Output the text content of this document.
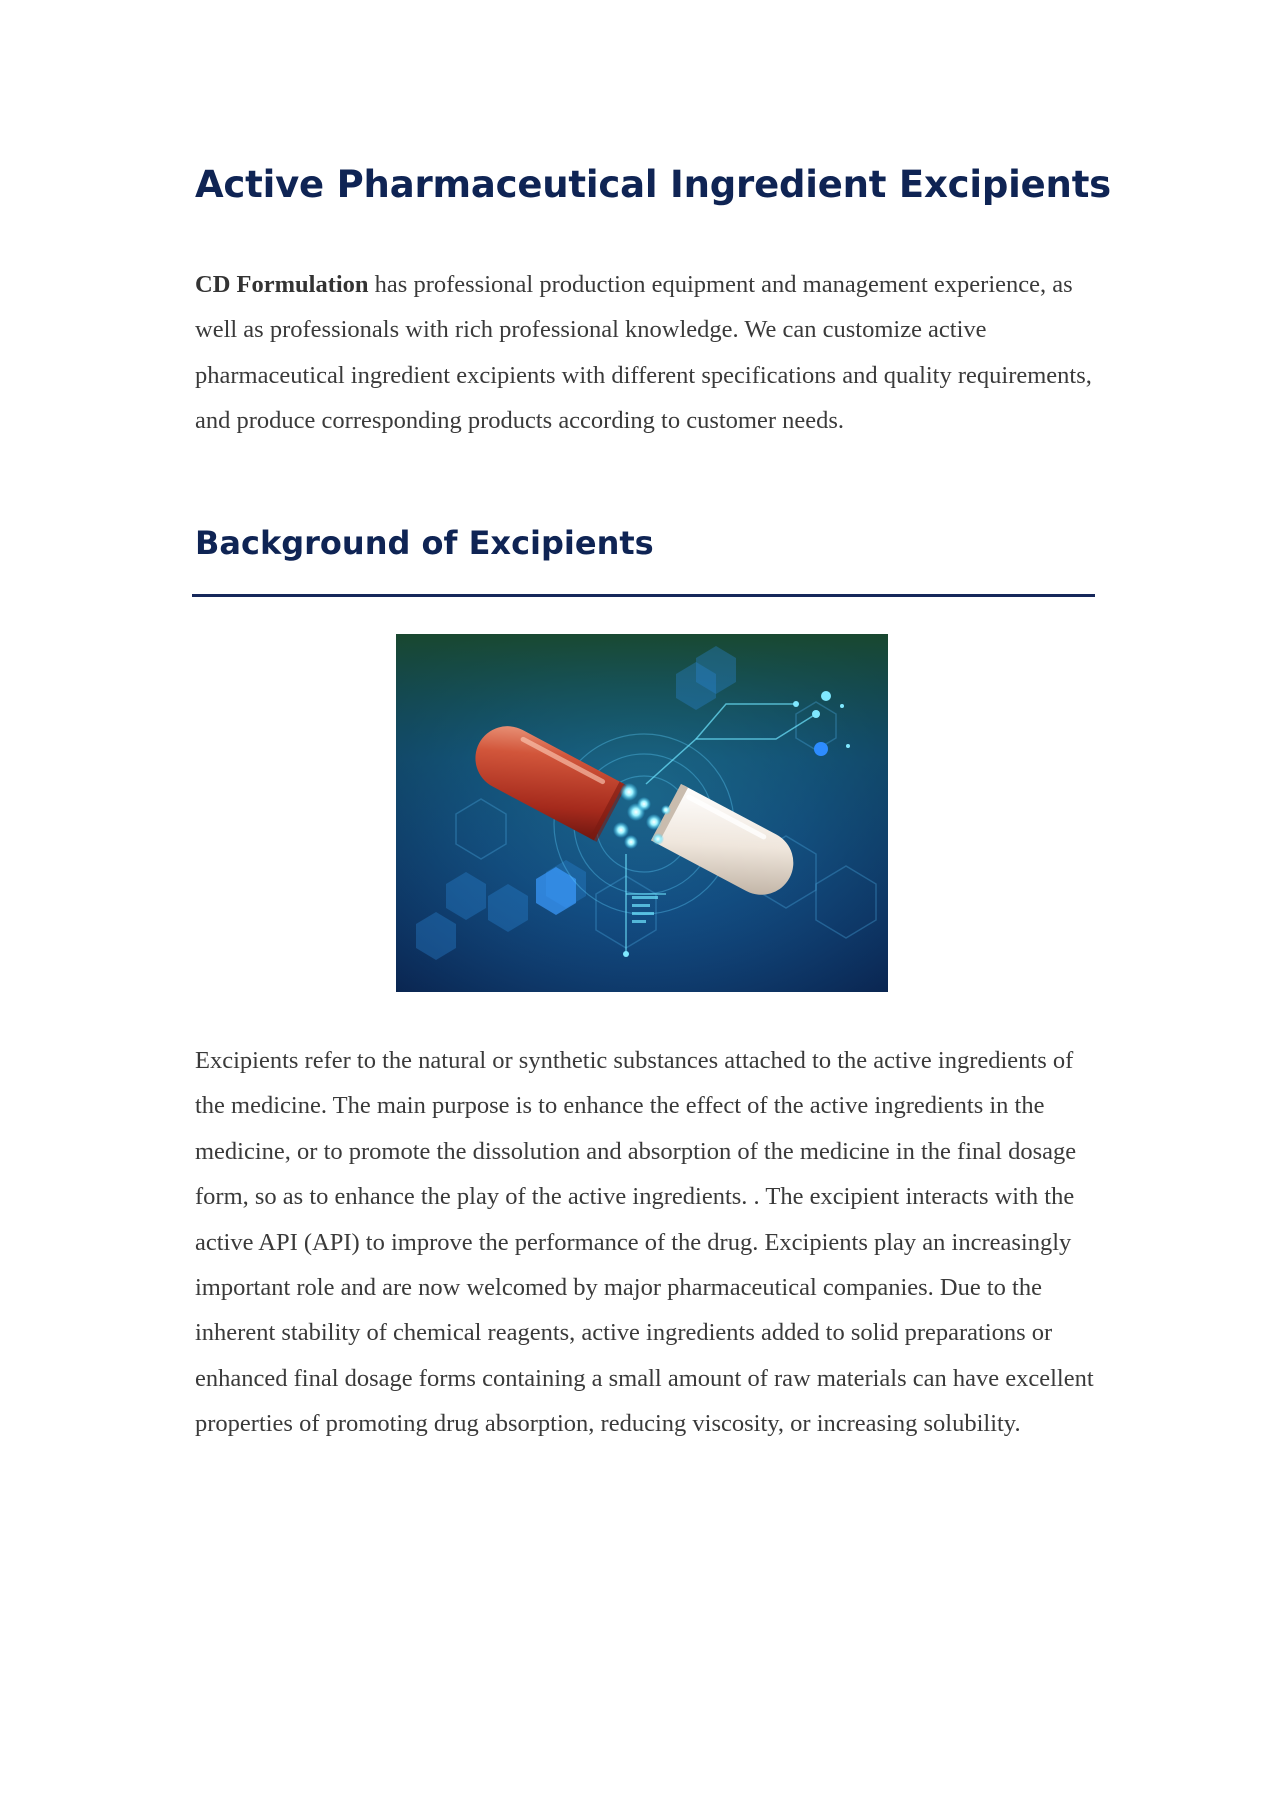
Active Pharmaceutical Ingredient Excipients

CD Formulation has professional production equipment and management experience, as well as professionals with rich professional knowledge. We can customize active pharmaceutical ingredient excipients with different specifications and quality requirements, and produce corresponding products according to customer needs.

Background of Excipients

Excipients refer to the natural or synthetic substances attached to the active ingredients of the medicine. The main purpose is to enhance the effect of the active ingredients in the medicine, or to promote the dissolution and absorption of the medicine in the final dosage form, so as to enhance the play of the active ingredients. . The excipient interacts with the active API (API) to improve the performance of the drug. Excipients play an increasingly important role and are now welcomed by major pharmaceutical companies. Due to the inherent stability of chemical reagents, active ingredients added to solid preparations or enhanced final dosage forms containing a small amount of raw materials can have excellent properties of promoting drug absorption, reducing viscosity, or increasing solubility.
